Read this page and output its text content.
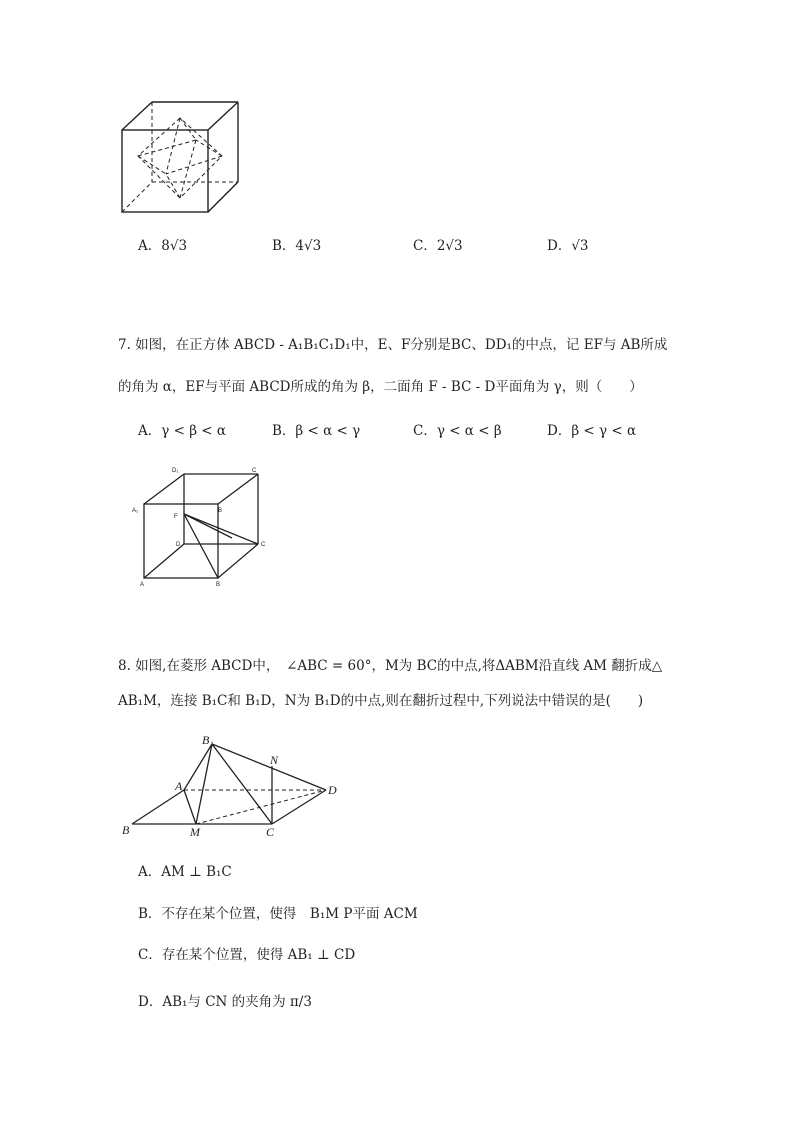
A．8√3	B．4√3	C．2√3	D．√3
7. 如图，在正方体 ABCD - A₁B₁C₁D₁中，E、F分别是BC、DD₁的中点，记 EF与 AB所成
的角为 α，EF与平面 ABCD所成的角为 β，二面角 F - BC - D平面角为 γ，则（　　）
A．γ < β < α	B．β < α < γ	C．γ < α < β	D．β < γ < α
D₁	C
A₁	B
F
D	C
A	B
8. 如图,在菱形 ABCD中，　∠ABC = 60°，M为 BC的中点,将ΔABM沿直线 AM 翻折成△
AB₁M，连接 B₁C和 B₁D，N为 B₁D的中点,则在翻折过程中,下列说法中错误的是(　　)
B₁
N
A	D
B	M	C
A．AM ⊥ B₁C
B．不存在某个位置，使得　B₁M P平面 ACM
C．存在某个位置，使得 AB₁ ⊥ CD
D．AB₁与 CN 的夹角为 π/3
